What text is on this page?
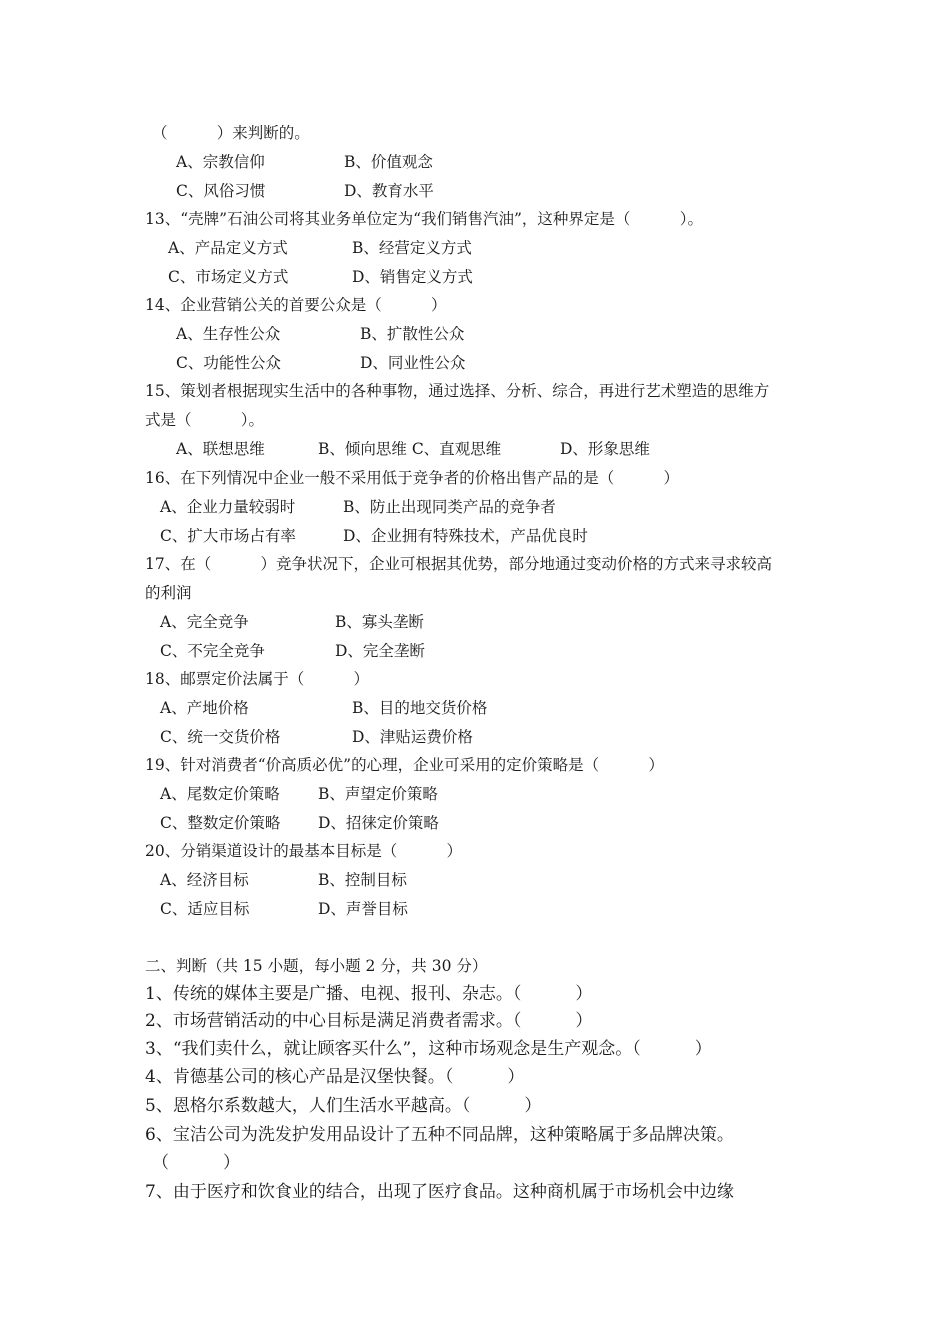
（          ）来判断的。
A、宗教信仰	B、价值观念
C、风俗习惯	D、教育水平
13、“壳牌”石油公司将其业务单位定为“我们销售汽油”，这种界定是（          ）。
A、产品定义方式	B、经营定义方式
C、市场定义方式	D、销售定义方式
14、企业营销公关的首要公众是（          ）
A、生存性公众	B、扩散性公众
C、功能性公众	D、同业性公众
15、策划者根据现实生活中的各种事物，通过选择、分析、综合，再进行艺术塑造的思维方
式是（          ）。
A、联想思维	B、倾向思维 C、直观思维	D、形象思维
16、在下列情况中企业一般不采用低于竞争者的价格出售产品的是（          ）
A、企业力量较弱时	B、防止出现同类产品的竞争者
C、扩大市场占有率	D、企业拥有特殊技术，产品优良时
17、在（          ）竞争状况下，企业可根据其优势，部分地通过变动价格的方式来寻求较高
的利润
A、完全竞争	B、寡头垄断
C、不完全竞争	D、完全垄断
18、邮票定价法属于（          ）
A、产地价格	B、目的地交货价格
C、统一交货价格	D、津贴运费价格
19、针对消费者“价高质必优”的心理，企业可采用的定价策略是（          ）
A、尾数定价策略 B、声望定价策略
C、整数定价策略 D、招徕定价策略
20、分销渠道设计的最基本目标是（          ）
A、经济目标	B、控制目标
C、适应目标	D、声誉目标
二、判断（共 15 小题，每小题 2 分，共 30 分）
1、传统的媒体主要是广播、电视、报刊、杂志。（          ）
2、市场营销活动的中心目标是满足消费者需求。（          ）
3、“我们卖什么，就让顾客买什么”，这种市场观念是生产观念。（          ）
4、肯德基公司的核心产品是汉堡快餐。（          ）
5、恩格尔系数越大，人们生活水平越高。（          ）
6、宝洁公司为洗发护发用品设计了五种不同品牌，这种策略属于多品牌决策。
（          ）
7、由于医疗和饮食业的结合，出现了医疗食品。这种商机属于市场机会中边缘
